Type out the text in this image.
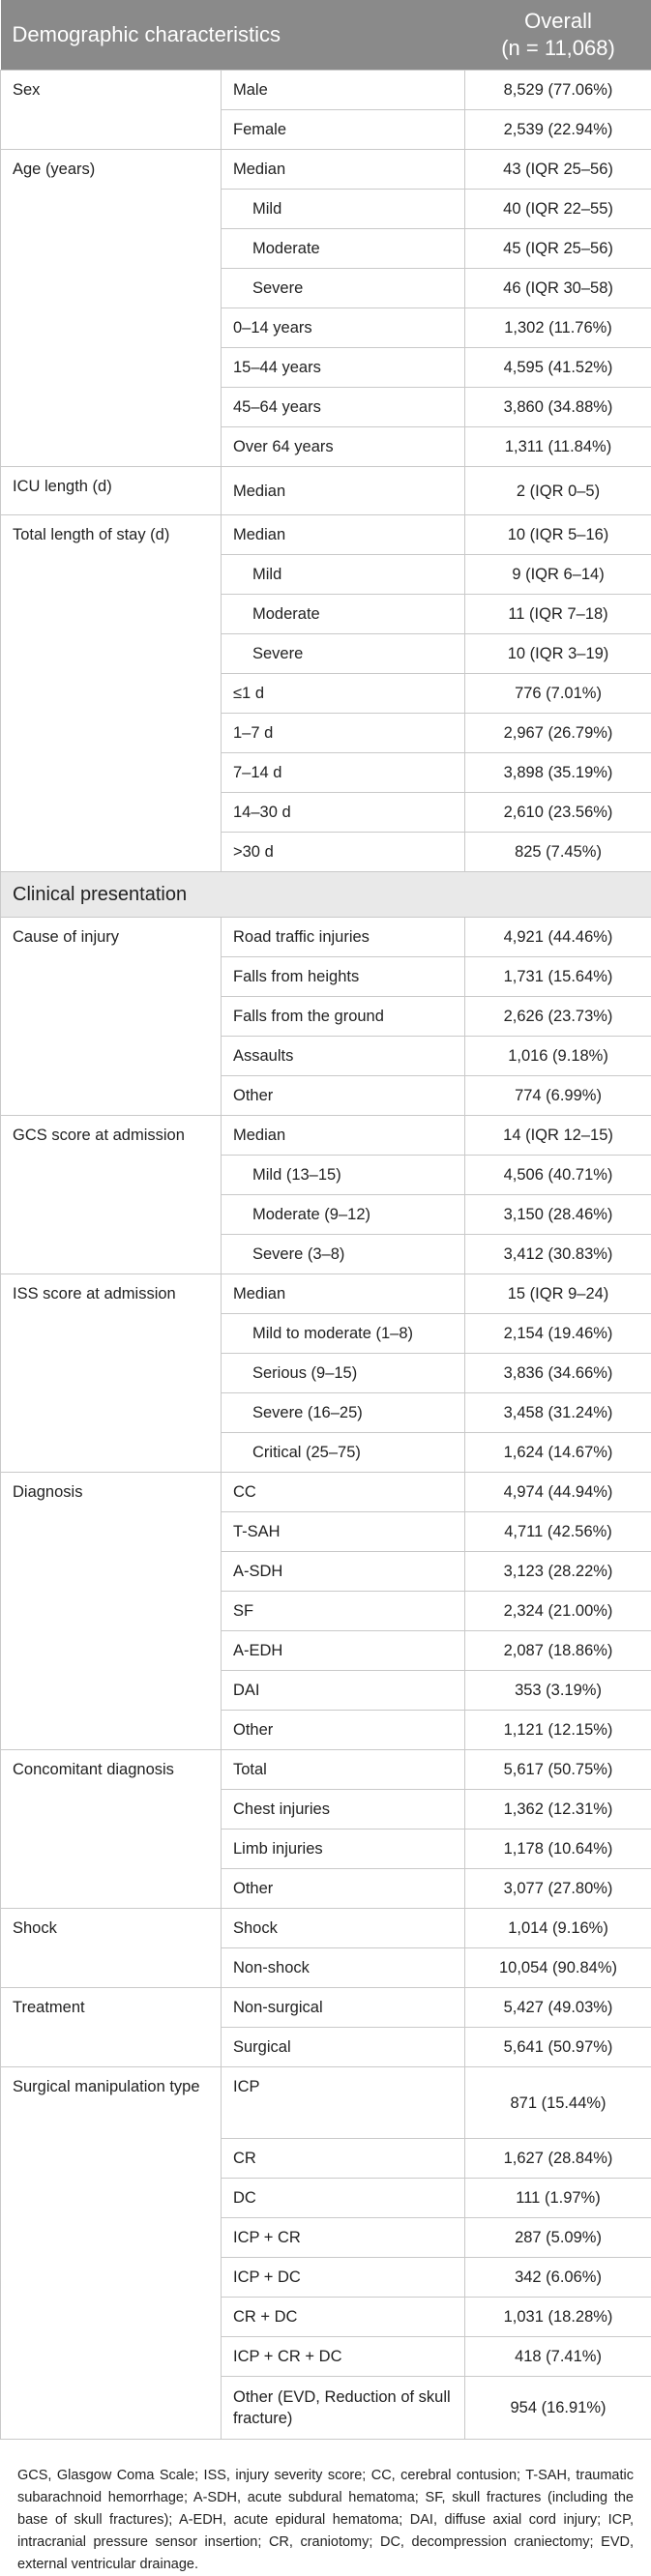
Demographic characteristics		Overall
(n = 11,068)
Sex	Male	8,529 (77.06%)
	Female	2,539 (22.94%)
Age (years)	Median	43 (IQR 25–56)
	Mild	40 (IQR 22–55)
	Moderate	45 (IQR 25–56)
	Severe	46 (IQR 30–58)
	0–14 years	1,302 (11.76%)
	15–44 years	4,595 (41.52%)
	45–64 years	3,860 (34.88%)
	Over 64 years	1,311 (11.84%)
ICU length (d)	Median	2 (IQR 0–5)
Total length of stay (d)	Median	10 (IQR 5–16)
	Mild	9 (IQR 6–14)
	Moderate	11 (IQR 7–18)
	Severe	10 (IQR 3–19)
	≤1 d	776 (7.01%)
	1–7 d	2,967 (26.79%)
	7–14 d	3,898 (35.19%)
	14–30 d	2,610 (23.56%)
	>30 d	825 (7.45%)
Clinical presentation		
Cause of injury	Road traffic injuries	4,921 (44.46%)
	Falls from heights	1,731 (15.64%)
	Falls from the ground	2,626 (23.73%)
	Assaults	1,016 (9.18%)
	Other	774 (6.99%)
GCS score at admission	Median	14 (IQR 12–15)
	Mild (13–15)	4,506 (40.71%)
	Moderate (9–12)	3,150 (28.46%)
	Severe (3–8)	3,412 (30.83%)
ISS score at admission	Median	15 (IQR 9–24)
	Mild to moderate (1–8)	2,154 (19.46%)
	Serious (9–15)	3,836 (34.66%)
	Severe (16–25)	3,458 (31.24%)
	Critical (25–75)	1,624 (14.67%)
Diagnosis	CC	4,974 (44.94%)
	T-SAH	4,711 (42.56%)
	A-SDH	3,123 (28.22%)
	SF	2,324 (21.00%)
	A-EDH	2,087 (18.86%)
	DAI	353 (3.19%)
	Other	1,121 (12.15%)
Concomitant diagnosis	Total	5,617 (50.75%)
	Chest injuries	1,362 (12.31%)
	Limb injuries	1,178 (10.64%)
	Other	3,077 (27.80%)
Shock	Shock	1,014 (9.16%)
	Non-shock	10,054 (90.84%)
Treatment	Non-surgical	5,427 (49.03%)
	Surgical	5,641 (50.97%)
Surgical manipulation type	ICP	871 (15.44%)
	CR	1,627 (28.84%)
	DC	111 (1.97%)
	ICP + CR	287 (5.09%)
	ICP + DC	342 (6.06%)
	CR + DC	1,031 (18.28%)
	ICP + CR + DC	418 (7.41%)
	Other (EVD, Reduction of skull fracture)	954 (16.91%)
GCS, Glasgow Coma Scale; ISS, injury severity score; CC, cerebral contusion; T-SAH, traumatic subarachnoid hemorrhage; A-SDH, acute subdural hematoma; SF, skull fractures (including the base of skull fractures); A-EDH, acute epidural hematoma; DAI, diffuse axial cord injury; ICP, intracranial pressure sensor insertion; CR, craniotomy; DC, decompression craniectomy; EVD, external ventricular drainage.
